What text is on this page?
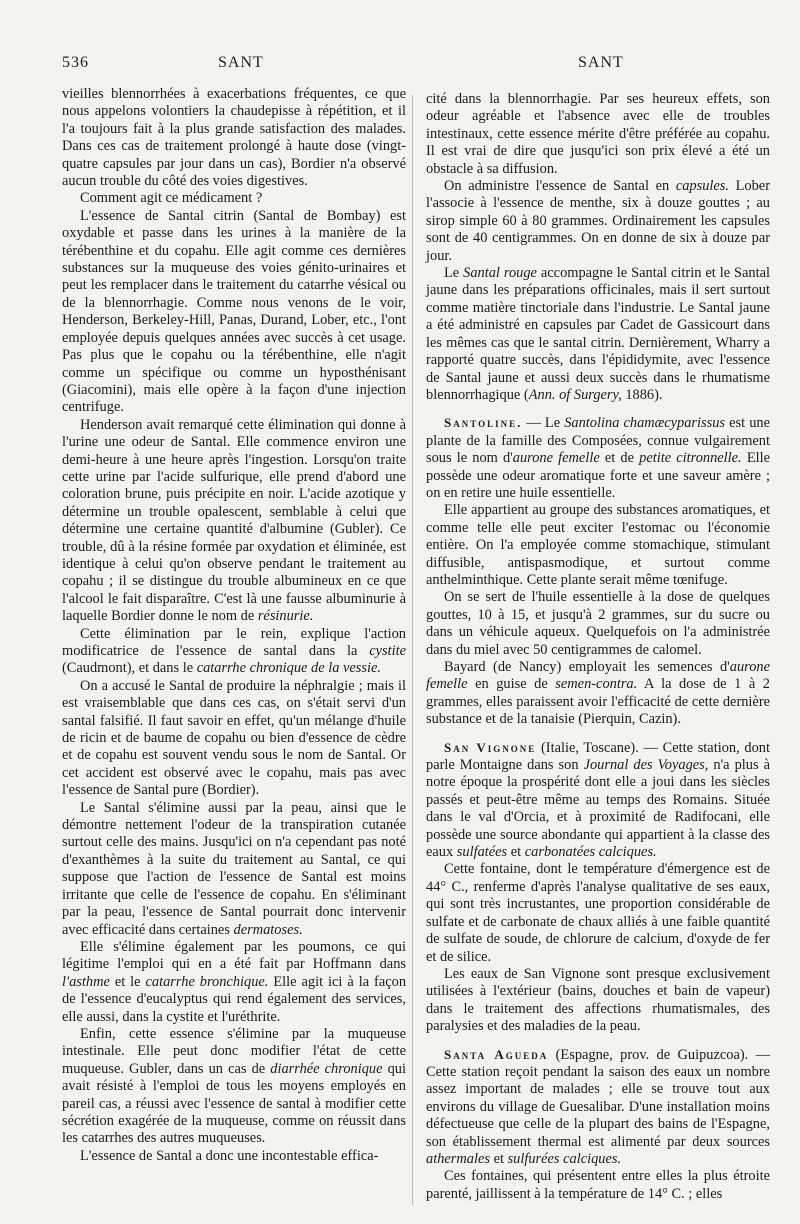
536	SANT	SANT

vieilles blennorrhées à exacerbations fréquentes, ce que nous appelons volontiers la chaudepisse à répétition, et il l'a toujours fait à la plus grande satisfaction des malades. Dans ces cas de traitement prolongé à haute dose (vingt-quatre capsules par jour dans un cas), Bordier n'a observé aucun trouble du côté des voies digestives.

Comment agit ce médicament ?

L'essence de Santal citrin (Santal de Bombay) est oxydable et passe dans les urines à la manière de la térébenthine et du copahu. Elle agit comme ces dernières substances sur la muqueuse des voies génito-urinaires et peut les remplacer dans le traitement du catarrhe vésical ou de la blennorrhagie. Comme nous venons de le voir, Henderson, Berkeley-Hill, Panas, Durand, Lober, etc., l'ont employée depuis quelques années avec succès à cet usage. Pas plus que le copahu ou la térébenthine, elle n'agit comme un spécifique ou comme un hyposthénisant (Giacomini), mais elle opère à la façon d'une injection centrifuge.

Henderson avait remarqué cette élimination qui donne à l'urine une odeur de Santal. Elle commence environ une demi-heure à une heure après l'ingestion. Lorsqu'on traite cette urine par l'acide sulfurique, elle prend d'abord une coloration brune, puis précipite en noir. L'acide azotique y détermine un trouble opalescent, semblable à celui que détermine une certaine quantité d'albumine (Gubler). Ce trouble, dû à la résine formée par oxydation et éliminée, est identique à celui qu'on observe pendant le traitement au copahu ; il se distingue du trouble albumineux en ce que l'alcool le fait disparaître. C'est là une fausse albuminurie à laquelle Bordier donne le nom de résinurie.

Cette élimination par le rein, explique l'action modificatrice de l'essence de santal dans la cystite (Caudmont), et dans le catarrhe chronique de la vessie.

On a accusé le Santal de produire la néphralgie ; mais il est vraisemblable que dans ces cas, on s'était servi d'un santal falsifié. Il faut savoir en effet, qu'un mélange d'huile de ricin et de baume de copahu ou bien d'essence de cèdre et de copahu est souvent vendu sous le nom de Santal. Or cet accident est observé avec le copahu, mais pas avec l'essence de Santal pure (Bordier).

Le Santal s'élimine aussi par la peau, ainsi que le démontre nettement l'odeur de la transpiration cutanée surtout celle des mains. Jusqu'ici on n'a cependant pas noté d'exanthèmes à la suite du traitement au Santal, ce qui suppose que l'action de l'essence de Santal est moins irritante que celle de l'essence de copahu. En s'éliminant par la peau, l'essence de Santal pourrait donc intervenir avec efficacité dans certaines dermatoses.

Elle s'élimine également par les poumons, ce qui légitime l'emploi qui en a été fait par Hoffmann dans l'asthme et le catarrhe bronchique. Elle agit ici à la façon de l'essence d'eucalyptus qui rend également des services, elle aussi, dans la cystite et l'uréthrite.

Enfin, cette essence s'élimine par la muqueuse intestinale. Elle peut donc modifier l'état de cette muqueuse. Gubler, dans un cas de diarrhée chronique qui avait résisté à l'emploi de tous les moyens employés en pareil cas, a réussi avec l'essence de santal à modifier cette sécrétion exagérée de la muqueuse, comme on réussit dans les catarrhes des autres muqueuses.

L'essence de Santal a donc une incontestable effica-

cité dans la blennorrhagie. Par ses heureux effets, son odeur agréable et l'absence avec elle de troubles intestinaux, cette essence mérite d'être préférée au copahu. Il est vrai de dire que jusqu'ici son prix élevé a été un obstacle à sa diffusion.

On administre l'essence de Santal en capsules. Lober l'associe à l'essence de menthe, six à douze gouttes ; au sirop simple 60 à 80 grammes. Ordinairement les capsules sont de 40 centigrammes. On en donne de six à douze par jour.

Le Santal rouge accompagne le Santal citrin et le Santal jaune dans les préparations officinales, mais il sert surtout comme matière tinctoriale dans l'industrie. Le Santal jaune a été administré en capsules par Cadet de Gassicourt dans les mêmes cas que le santal citrin. Dernièrement, Wharry a rapporté quatre succès, dans l'épididymite, avec l'essence de Santal jaune et aussi deux succès dans le rhumatisme blennorrhagique (Ann. of Surgery, 1886).

Santoline. — Le Santolina chamæcyparissus est une plante de la famille des Composées, connue vulgairement sous le nom d'aurone femelle et de petite citronnelle. Elle possède une odeur aromatique forte et une saveur amère ; on en retire une huile essentielle.

Elle appartient au groupe des substances aromatiques, et comme telle elle peut exciter l'estomac ou l'économie entière. On l'a employée comme stomachique, stimulant diffusible, antispasmodique, et surtout comme anthelminthique. Cette plante serait même tœnifuge.

On se sert de l'huile essentielle à la dose de quelques gouttes, 10 à 15, et jusqu'à 2 grammes, sur du sucre ou dans un véhicule aqueux. Quelquefois on l'a administrée dans du miel avec 50 centigrammes de calomel.

Bayard (de Nancy) employait les semences d'aurone femelle en guise de semen-contra. A la dose de 1 à 2 grammes, elles paraissent avoir l'efficacité de cette dernière substance et de la tanaisie (Pierquin, Cazin).

San Vignone (Italie, Toscane). — Cette station, dont parle Montaigne dans son Journal des Voyages, n'a plus à notre époque la prospérité dont elle a joui dans les siècles passés et peut-être même au temps des Romains. Située dans le val d'Orcia, et à proximité de Radifocani, elle possède une source abondante qui appartient à la classe des eaux sulfatées et carbonatées calciques.

Cette fontaine, dont le température d'émergence est de 44° C., renferme d'après l'analyse qualitative de ses eaux, qui sont très incrustantes, une proportion considérable de sulfate et de carbonate de chaux alliés à une faible quantité de sulfate de soude, de chlorure de calcium, d'oxyde de fer et de silice.

Les eaux de San Vignone sont presque exclusivement utilisées à l'extérieur (bains, douches et bain de vapeur) dans le traitement des affections rhumatismales, des paralysies et des maladies de la peau.

Santa Agueda (Espagne, prov. de Guipuzcoa). — Cette station reçoit pendant la saison des eaux un nombre assez important de malades ; elle se trouve tout aux environs du village de Guesalibar. D'une installation moins défectueuse que celle de la plupart des bains de l'Espagne, son établissement thermal est alimenté par deux sources athermales et sulfurées calciques.

Ces fontaines, qui présentent entre elles la plus étroite parenté, jaillissent à la température de 14° C. ; elles
